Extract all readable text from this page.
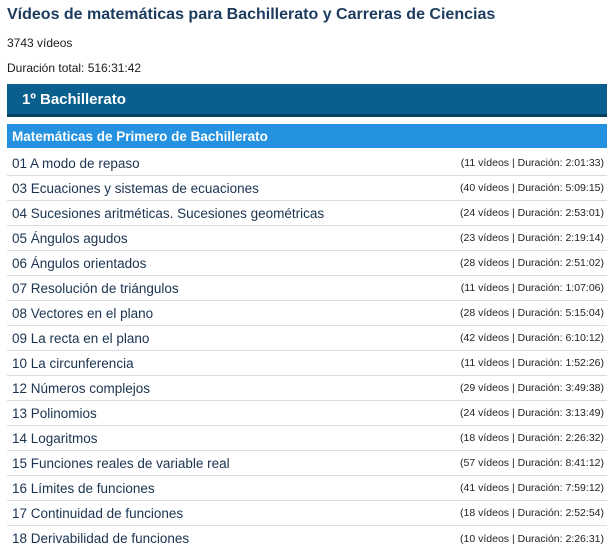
Vídeos de matemáticas para Bachillerato y Carreras de Ciencias
3743 vídeos
Duración total: 516:31:42
1º Bachillerato
Matemáticas de Primero de Bachillerato
01 A modo de repaso	(11 vídeos | Duración: 2:01:33)
03 Ecuaciones y sistemas de ecuaciones	(40 vídeos | Duración: 5:09:15)
04 Sucesiones aritméticas. Sucesiones geométricas	(24 vídeos | Duración: 2:53:01)
05 Ángulos agudos	(23 vídeos | Duración: 2:19:14)
06 Ángulos orientados	(28 vídeos | Duración: 2:51:02)
07 Resolución de triángulos	(11 vídeos | Duración: 1:07:06)
08 Vectores en el plano	(28 vídeos | Duración: 5:15:04)
09 La recta en el plano	(42 vídeos | Duración: 6:10:12)
10 La circunferencia	(11 vídeos | Duración: 1:52:26)
12 Números complejos	(29 vídeos | Duración: 3:49:38)
13 Polinomios	(24 vídeos | Duración: 3:13:49)
14 Logaritmos	(18 vídeos | Duración: 2:26:32)
15 Funciones reales de variable real	(57 vídeos | Duración: 8:41:12)
16 Límites de funciones	(41 vídeos | Duración: 7:59:12)
17 Continuidad de funciones	(18 vídeos | Duración: 2:52:54)
18 Derivabilidad de funciones	(10 vídeos | Duración: 2:26:31)
